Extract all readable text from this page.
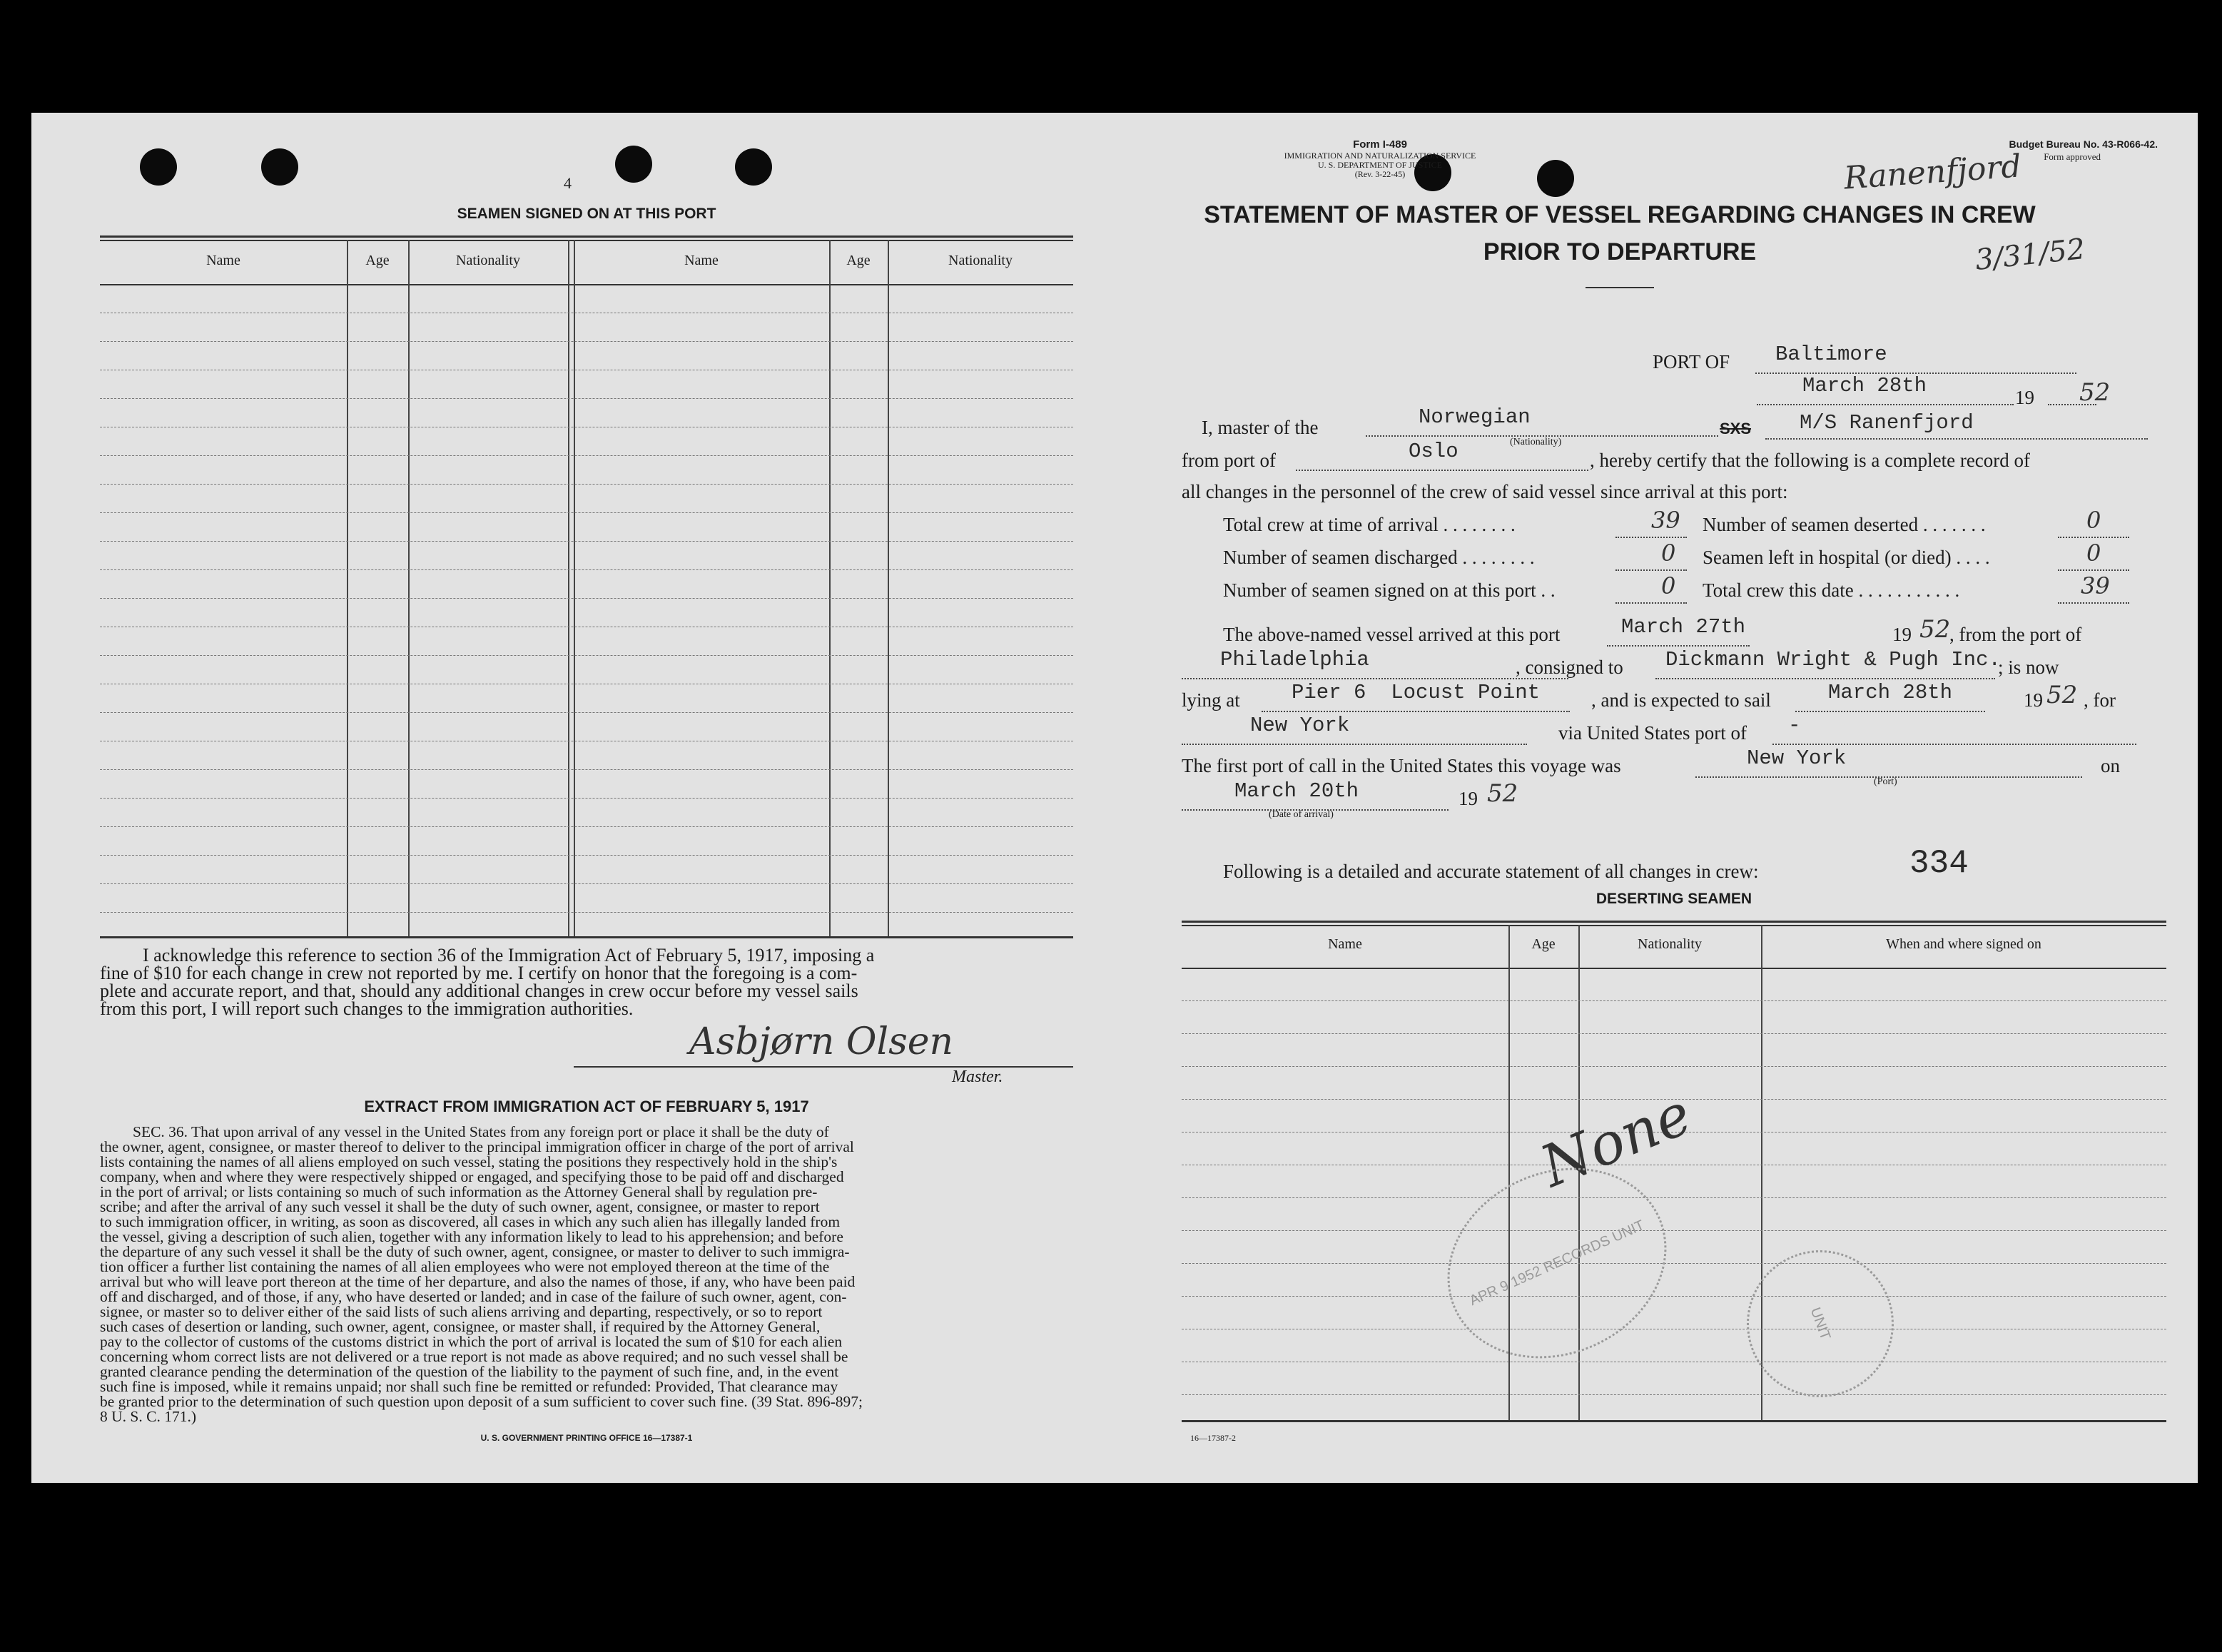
4
SEAMEN SIGNED ON AT THIS PORT
Name	Age	Nationality	Name	Age	Nationality
I acknowledge this reference to section 36 of the Immigration Act of February 5, 1917, imposing a
fine of $10 for each change in crew not reported by me. I certify on honor that the foregoing is a com-
plete and accurate report, and that, should any additional changes in crew occur before my vessel sails
from this port, I will report such changes to the immigration authorities.
Asbjørn Olsen
Master.
EXTRACT FROM IMMIGRATION ACT OF FEBRUARY 5, 1917
SEC. 36. That upon arrival of any vessel in the United States from any foreign port or place it shall be the duty of
the owner, agent, consignee, or master thereof to deliver to the principal immigration officer in charge of the port of arrival
lists containing the names of all aliens employed on such vessel, stating the positions they respectively hold in the ship's
company, when and where they were respectively shipped or engaged, and specifying those to be paid off and discharged
in the port of arrival; or lists containing so much of such information as the Attorney General shall by regulation pre-
scribe; and after the arrival of any such vessel it shall be the duty of such owner, agent, consignee, or master to report
to such immigration officer, in writing, as soon as discovered, all cases in which any such alien has illegally landed from
the vessel, giving a description of such alien, together with any information likely to lead to his apprehension; and before
the departure of any such vessel it shall be the duty of such owner, agent, consignee, or master to deliver to such immigra-
tion officer a further list containing the names of all alien employees who were not employed thereon at the time of the
arrival but who will leave port thereon at the time of her departure, and also the names of those, if any, who have been paid
off and discharged, and of those, if any, who have deserted or landed; and in case of the failure of such owner, agent, con-
signee, or master so to deliver either of the said lists of such aliens arriving and departing, respectively, or so to report
such cases of desertion or landing, such owner, agent, consignee, or master shall, if required by the Attorney General,
pay to the collector of customs of the customs district in which the port of arrival is located the sum of $10 for each alien
concerning whom correct lists are not delivered or a true report is not made as above required; and no such vessel shall be
granted clearance pending the determination of the question of the liability to the payment of such fine, and, in the event
such fine is imposed, while it remains unpaid; nor shall such fine be remitted or refunded: Provided, That clearance may
be granted prior to the determination of such question upon deposit of a sum sufficient to cover such fine. (39 Stat. 896-897;
8 U. S. C. 171.)
U. S. GOVERNMENT PRINTING OFFICE 16—17387-1
Form I-489
IMMIGRATION AND NATURALIZATION SERVICE
U. S. DEPARTMENT OF JUSTICE
(Rev. 3-22-45)
Budget Bureau No. 43-R066-42.
Form approved
Ranenfjord
3/31/52
STATEMENT OF MASTER OF VESSEL REGARDING CHANGES IN CREW
PRIOR TO DEPARTURE
PORT OF Baltimore
March 28th	19 52
I, master of the	Norwegian
(Nationality)
SXS M/S Ranenfjord
from port of	Oslo	, hereby certify that the following is a complete record of
all changes in the personnel of the crew of said vessel since arrival at this port:
Total crew at time of arrival . . . . . . . .	39 Number of seamen deserted . . . . . . .	0
Number of seamen discharged . . . . . . . .	0 Seamen left in hospital (or died) . . . .	0
Number of seamen signed on at this port . .	0 Total crew this date . . . . . . . . . . .	39
The above-named vessel arrived at this port	March 27th	19 52
, from the port of
Philadelphia	, consigned to Dickmann Wright & Pugh Inc.
; is now
lying at Pier 6  Locust Point	, and is expected to sail	March 28th	19 52 , for
New York	via United States port of -
The first port of call in the United States this voyage was	New York
(Port)
on
March 20th	19 52
(Date of arrival)
Following is a detailed and accurate statement of all changes in crew:	334
DESERTING SEAMEN
Name	Age	Nationality	When and where signed on
None
APR 9 1952 RECORDS UNIT
UNIT
16—17387-2
